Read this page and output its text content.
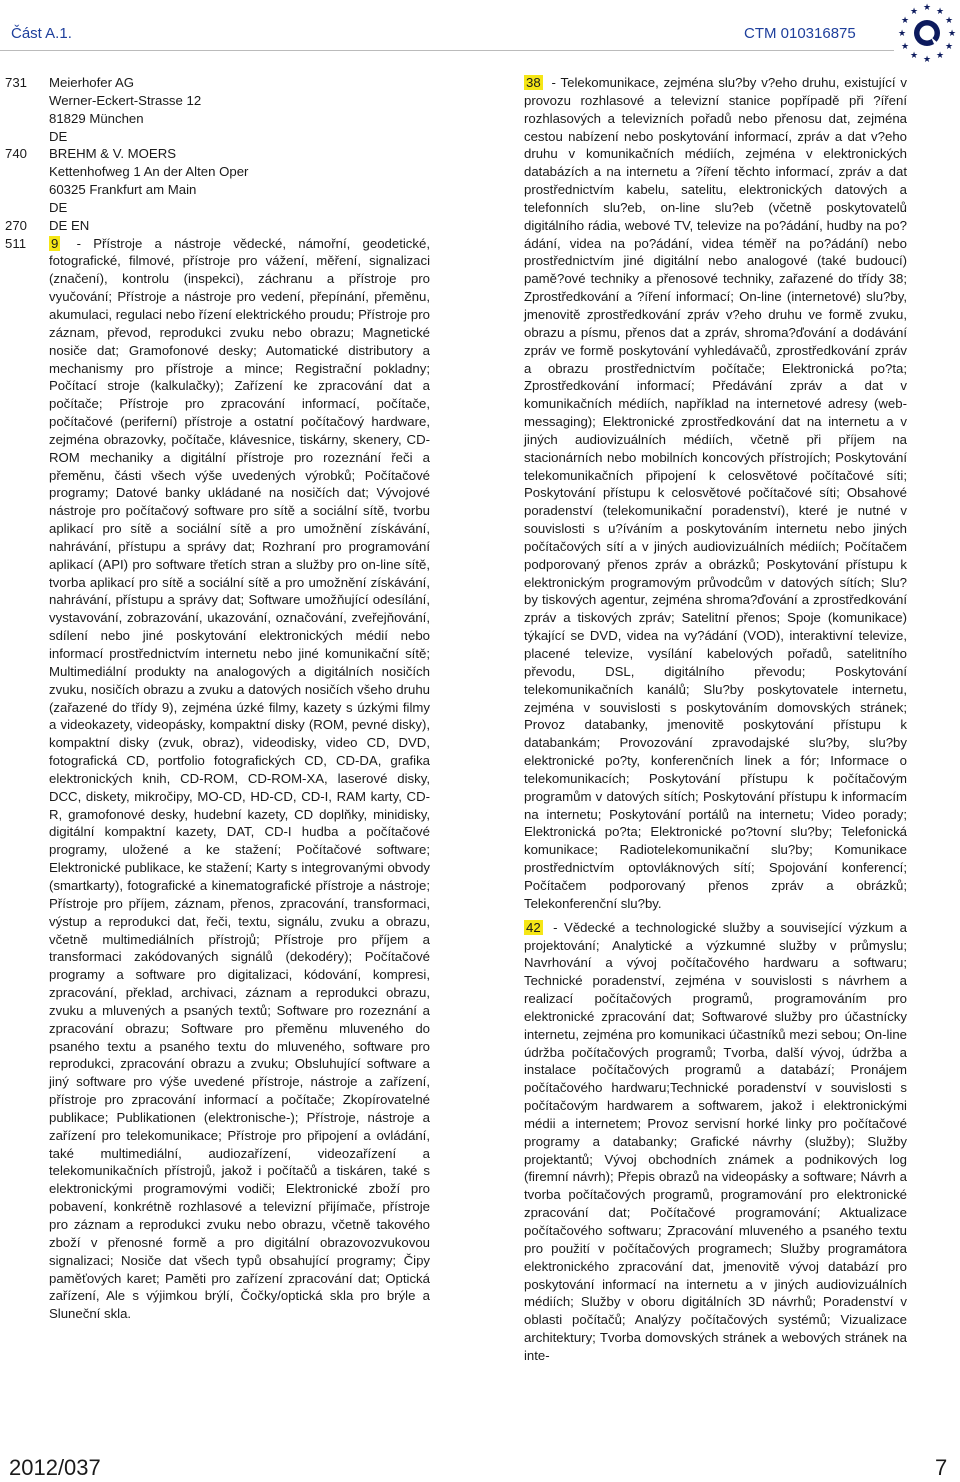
Část A.1.	CTM 010316875
★ ★
★
★
★
★
★
★
★
★
★
★
731	Meierhofer AG
Werner-Eckert-Strasse 12
81829 München
DE
740	BREHM & V. MOERS
Kettenhofweg 1 An der Alten Oper
60325 Frankfurt am Main
DE
270	DE EN
511	9 - Přístroje a nástroje vědecké, námořní, geodetické, fotografické, filmové, přístroje pro vážení, měření, signalizaci (značení), kontrolu (inspekci), záchranu a přístroje pro vyučování; Přístroje a nástroje pro vedení, přepínání, přeměnu, akumulaci, regulaci nebo řízení elektrického proudu; Přístroje pro záznam, převod, reprodukci zvuku nebo obrazu; Magnetické nosiče dat; Gramofonové desky; Automatické distributory a mechanismy pro přístroje a mince; Registrační pokladny; Počítací stroje (kalkulačky); Zařízení ke zpracování dat a počítače; Přístroje pro zpracování informací, počítače, počítačové (periferní) přístroje a ostatní počítačový hardware, zejména obrazovky, počítače, klávesnice, tiskárny, skenery, CD-ROM mechaniky a digitální přístroje pro rozeznání řeči a přeměnu, části všech výše uvedených výrobků; Počítačové programy; Datové banky ukládané na nosičích dat; Vývojové nástroje pro počítačový software pro sítě a sociální sítě, tvorbu aplikací pro sítě a sociální sítě a pro umožnění získávání, nahrávání, přístupu a správy dat; Rozhraní pro programování aplikací (API) pro software třetích stran a služby pro on-line sítě, tvorba aplikací pro sítě a sociální sítě a pro umožnění získávání, nahrávání, přístupu a správy dat; Software umožňující odesílání, vystavování, zobrazování, ukazování, označování, zveřejňování, sdílení nebo jiné poskytování elektronických médií nebo informací prostřednictvím internetu nebo jiné komunikační sítě; Multimediální produkty na analogových a digitálních nosičích zvuku, nosičích obrazu a zvuku a datových nosičích všeho druhu (zařazené do třídy 9), zejména úzké filmy, kazety s úzkými filmy a videokazety, videopásky, kompaktní disky (ROM, pevné disky), kompaktní disky (zvuk, obraz), videodisky, video CD, DVD, fotografická CD, portfolio fotografických CD, CD-DA, grafika elektronických knih, CD-ROM, CD-ROM-XA, laserové disky, DCC, diskety, mikročipy, MO-CD, HD-CD, CD-I, RAM karty, CD-R, gramofonové desky, hudební kazety, CD doplňky, minidisky, digitální kompaktní kazety, DAT, CD-I hudba a počítačové programy, uložené a ke stažení; Počítačové software; Elektronické publikace, ke stažení; Karty s integrovanými obvody (smartkarty), fotografické a kinematografické přístroje a nástroje; Přístroje pro příjem, záznam, přenos, zpracování, transformaci, výstup a reprodukci dat, řeči, textu, signálu, zvuku a obrazu, včetně multimediálních přístrojů; Přístroje pro příjem a transformaci zakódovaných signálů (dekodéry); Počítačové programy a software pro digitalizaci, kódování, kompresi, zpracování, překlad, archivaci, záznam a reprodukci obrazu, zvuku a mluvených a psaných textů; Software pro rozeznání a zpracování obrazu; Software pro přeměnu mluveného do psaného textu a psaného textu do mluveného, software pro reprodukci, zpracování obrazu a zvuku; Obsluhující software a jiný software pro výše uvedené přístroje, nástroje a zařízení, přístroje pro zpracování informací a počítače; Zkopírovatelné publikace; Publikationen (elektronische-); Přístroje, nástroje a zařízení pro telekomunikace; Přístroje pro připojení a ovládání, také multimediální, audiozařízení, videozařízení a telekomunikačních přístrojů, jakož i počítačů a tiskáren, také s elektronickými programovými vodiči; Elektronické zboží pro pobavení, konkrétně rozhlasové a televizní přijímače, přístroje pro záznam a reprodukci zvuku nebo obrazu, včetně takového zboží v přenosné formě a pro digitální obrazovozvukovou signalizaci; Nosiče dat všech typů obsahující programy; Čipy paměťových karet; Paměti pro zařízení zpracování dat; Optická zařízení, Ale s výjimkou brýlí, Čočky/optická skla pro brýle a Sluneční skla.

38 - Telekomunikace, zejména slu?by v?eho druhu, existující v provozu rozhlasové a televizní stanice popřípadě při ?íření rozhlasových a televizních pořadů nebo přenosu dat, zejména cestou nabízení nebo poskytování informací, zpráv a dat v?eho druhu v komunikačních médiích, zejména v elektronických databázích a na internetu a ?íření těchto informací, zpráv a dat prostřednictvím kabelu, satelitu, elektronických datových a telefonních slu?eb, on-line slu?eb (včetně poskytovatelů digitálního rádia, webové TV, televize na po?ádání, hudby na po?ádání, videa na po?ádání, videa téměř na po?ádání) nebo prostřednictvím jiné digitální nebo analogové (také budoucí) pamě?ové techniky a přenosové techniky, zařazené do třídy 38; Zprostředkování a ?íření informací; On-line (internetové) slu?by, jmenovitě zprostředkování zpráv v?eho druhu ve formě zvuku, obrazu a písmu, přenos dat a zpráv, shroma?ďování a dodávání zpráv ve formě poskytování vyhledávačů, zprostředkování zpráv a obrazu prostřednictvím počítače; Elektronická po?ta; Zprostředkování informací; Předávání zpráv a dat v komunikačních médiích, například na internetové adresy (web-messaging); Elektronické zprostředkování dat na internetu a v jiných audiovizuálních médiích, včetně při příjem na stacionárních nebo mobilních koncových přístrojích; Poskytování telekomunikačních připojení k celosvětové počítačové síti; Poskytování přístupu k celosvětové počítačové síti; Obsahové poradenství (telekomunikační poradenství), které je nutné v souvislosti s u?íváním a poskytováním internetu nebo jiných počítačových sítí a v jiných audiovizuálních médiích; Počítačem podporovaný přenos zpráv a obrázků; Poskytování přístupu k elektronickým programovým průvodcům v datových sítích; Slu?by tiskových agentur, zejména shroma?ďování a zprostředkování zpráv a tiskových zpráv; Satelitní přenos; Spoje (komunikace) týkající se DVD, videa na vy?ádání (VOD), interaktivní televize, placené televize, vysílání kabelových pořadů, satelitního převodu, DSL, digitálního převodu; Poskytování telekomunikačních kanálů; Slu?by poskytovatele internetu, zejména v souvislosti s poskytováním domovských stránek; Provoz databanky, jmenovitě poskytování přístupu k databankám; Provozování zpravodajské slu?by, slu?by elektronické po?ty, konferenčních linek a fór; Informace o telekomunikacích; Poskytování přístupu k počítačovým programům v datových sítích; Poskytování přístupu k informacím na internetu; Poskytování portálů na internetu; Video porady; Elektronická po?ta; Elektronické po?tovní slu?by; Telefonická komunikace; Radiotelekomunikační slu?by; Komunikace prostřednictvím optovláknových sítí; Spojování konferencí; Počítačem podporovaný přenos zpráv a obrázků; Telekonferenční slu?by.

42 - Vědecké a technologické služby a související výzkum a projektování; Analytické a výzkumné služby v průmyslu; Navrhování a vývoj počítačového hardwaru a softwaru; Technické poradenství, zejména v souvislosti s návrhem a realizací počítačových programů, programováním pro elektronické zpracování dat; Softwarové služby pro účastnícky internetu, zejména pro komunikaci účastníků mezi sebou; On-line údržba počítačových programů; Tvorba, další vývoj, údržba a instalace počítačových programů a databází; Pronájem počítačového hardwaru;Technické poradenství v souvislosti s počítačovým hardwarem a softwarem, jakož i elektronickými médii a internetem; Provoz servisní horké linky pro počítačové programy a databanky; Grafické návrhy (služby); Služby projektantů; Vývoj obchodních známek a podnikových log (firemní návrh); Přepis obrazů na videopásky a software; Návrh a tvorba počítačových programů, programování pro elektronické zpracování dat; Počítačové programování; Aktualizace počítačového softwaru; Zpracování mluveného a psaného textu pro použití v počítačových programech; Služby programátora elektronického zpracování dat, jmenovitě vývoj databází pro poskytování informací na internetu a v jiných audiovizuálních médiích; Služby v oboru digitálních 3D návrhů; Poradenství v oblasti počítačů; Analýzy počítačových systémů; Vizualizace architektury; Tvorba domovských stránek a webových stránek na inte-

2012/037	7
